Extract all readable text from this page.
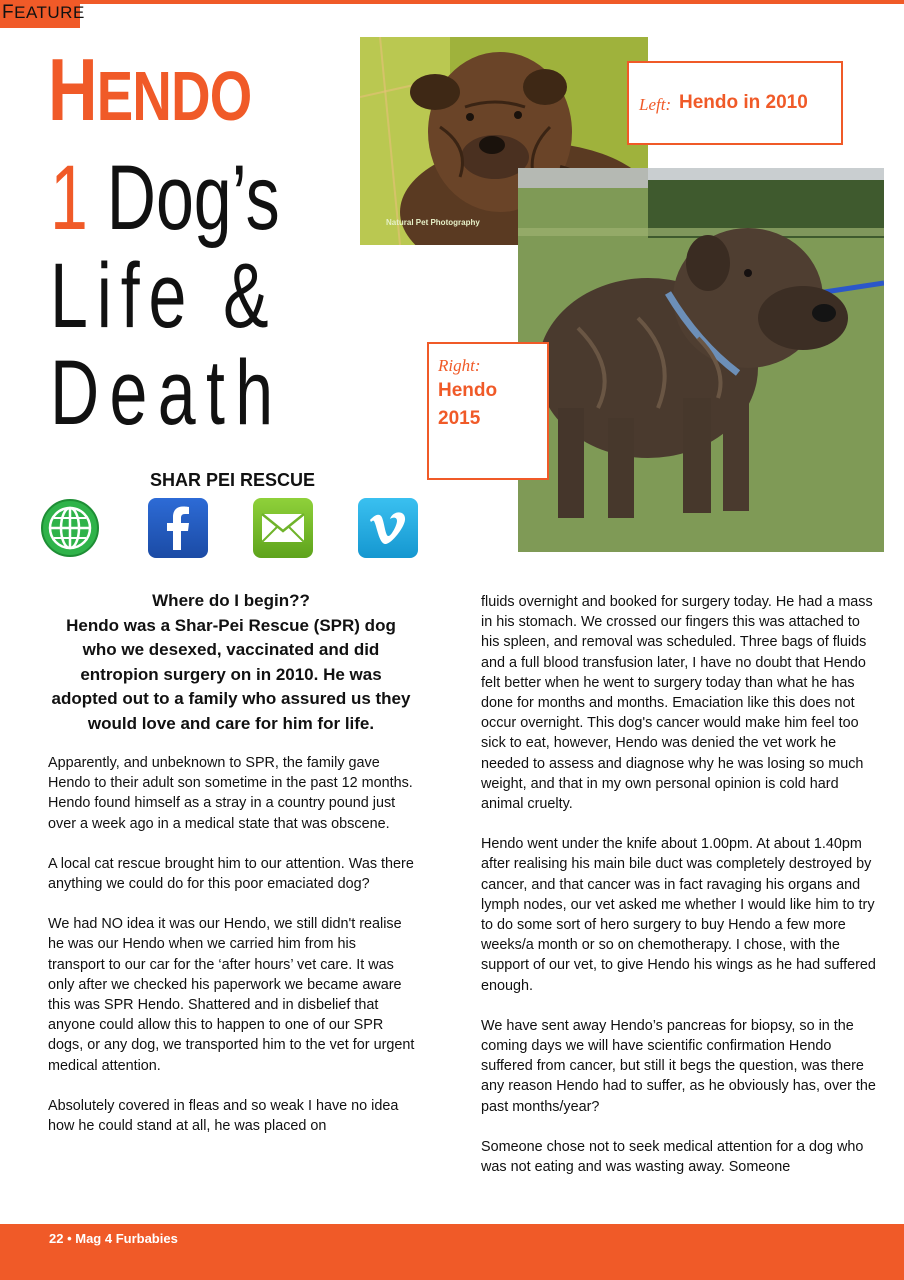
FEATURE
HENDO
1 Dog’s
Life &
Death
SHAR PEI RESCUE
Natural Pet Photography
Left: Hendo in 2010
Right:
Hendo
2015
Where do I begin??
Hendo was a Shar-Pei Rescue (SPR) dog who we desexed, vaccinated and did entropion surgery on in 2010. He was adopted out to a family who assured us they would love and care for him for life.

Apparently, and unbeknown to SPR, the family gave Hendo to their adult son sometime in the past 12 months. Hendo found himself as a stray in a country pound just over a week ago in a medical state that was obscene.

A local cat rescue brought him to our attention. Was there anything we could do for this poor emaciated dog?

We had NO idea it was our Hendo, we still didn't realise he was our Hendo when we carried him from his transport to our car for the ‘after hours’ vet care. It was only after we checked his paperwork we became aware this was SPR Hendo. Shattered and in disbelief that anyone could allow this to happen to one of our SPR dogs, or any dog, we transported him to the vet for urgent medical attention.

Absolutely covered in fleas and so weak I have no idea how he could stand at all, he was placed on

fluids overnight and booked for surgery today. He had a mass in his stomach. We crossed our fingers this was attached to his spleen, and removal was scheduled. Three bags of fluids and a full blood transfusion later, I have no doubt that Hendo felt better when he went to surgery today than what he has done for months and months. Emaciation like this does not occur overnight. This dog's cancer would make him feel too sick to eat, however, Hendo was denied the vet work he needed to assess and diagnose why he was losing so much weight, and that in my own personal opinion is cold hard animal cruelty.

Hendo went under the knife about 1.00pm. At about 1.40pm after realising his main bile duct was completely destroyed by cancer, and that cancer was in fact ravaging his organs and lymph nodes, our vet asked me whether I would like him to try to do some sort of hero surgery to buy Hendo a few more weeks/a month or so on chemotherapy. I chose, with the support of our vet, to give Hendo his wings as he had suffered enough.

We have sent away Hendo’s pancreas for biopsy, so in the coming days we will have scientific confirmation Hendo suffered from cancer, but still it begs the question, was there any reason Hendo had to suffer, as he obviously has, over the past months/year?

Someone chose not to seek medical attention for a dog who was not eating and was wasting away. Someone

22 • Mag 4 Furbabies
